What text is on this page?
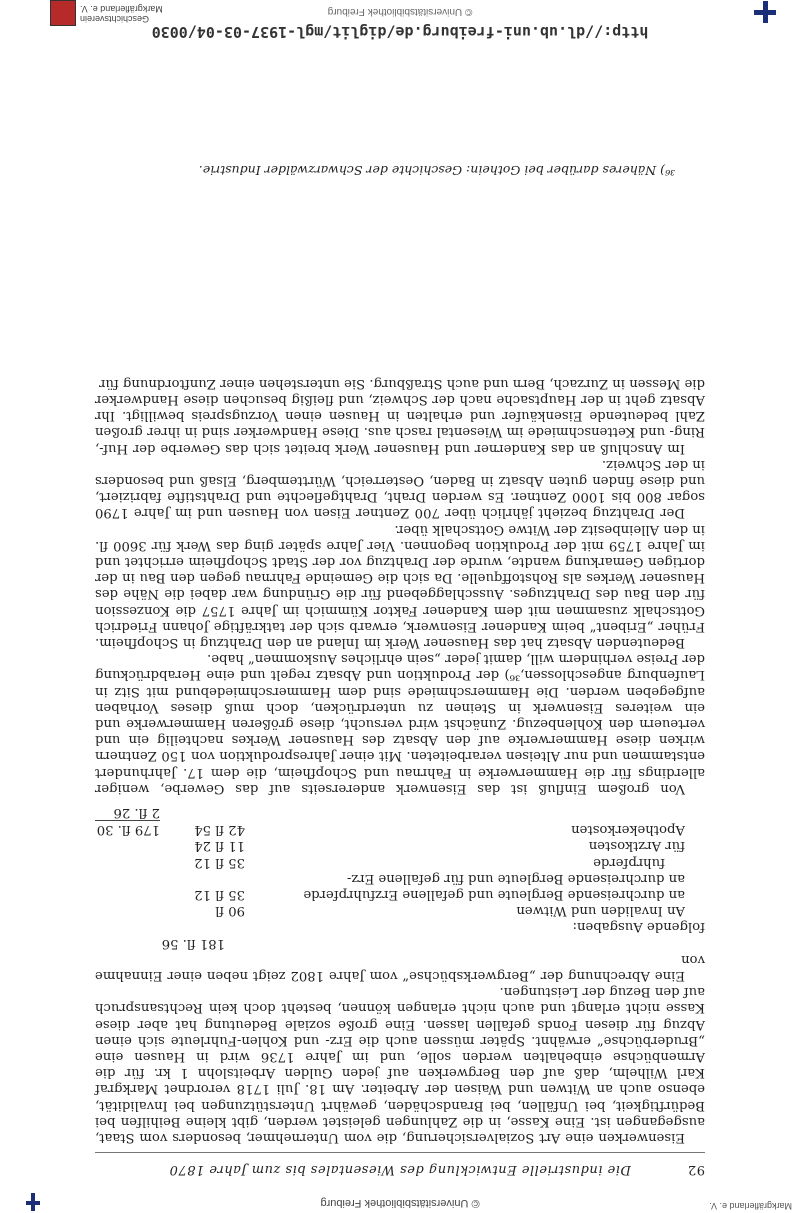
Markgräflerland e. V.
© Universitätsbibliothek Freiburg
92
Die industrielle Entwicklung des Wiesentales bis zum Jahre 1870

Eisenwerken eine Art Sozialversicherung, die vom Unternehmer, besonders vom Staat, ausgegangen ist. Eine Kasse, in die Zahlungen geleistet werden, gibt kleine Beihilfen bei Bedürftigkeit, bei Unfällen, bei Brandschäden, gewährt Unterstützungen bei Invalidität, ebenso auch an Witwen und Waisen der Arbeiter. Am 18. Juli 1718 verordnet Markgraf Karl Wilhelm, daß auf den Bergwerken auf jeden Gulden Arbeitslohn 1 kr. für die Armenbüchse einbehalten werden solle, und im Jahre 1736 wird in Hausen eine „Bruderbüchse“ erwähnt. Später müssen auch die Erz- und Kohlen-Fuhrleute sich einen Abzug für diesen Fonds gefallen lassen. Eine große soziale Bedeutung hat aber diese Kasse nicht erlangt und auch nicht erlangen können, besteht doch kein Rechtsanspruch auf den Bezug der Leistungen.

Eine Abrechnung der „Bergwerksbüchse“ vom Jahre 1802 zeigt neben einer Einnahme von

181 fl. 56
folgende Ausgaben:
An Invaliden und Witwen
90 fl
an durchreisende Bergleute und gefallene Erzfuhrpferde
35 fl 12
an durchreisende Bergleute und für gefallene Erz-
fuhrpferde
35 fl 12
für Arztkosten
11 fl 24
Apothekerkosten
42 fl 54
179 fl. 30
2 fl. 26

Von großem Einfluß ist das Eisenwerk andererseits auf das Gewerbe, weniger allerdings für die Hammerwerke in Fahrnau und Schopfheim, die dem 17. Jahrhundert entstammen und nur Alteisen verarbeiteten. Mit einer Jahresproduktion von 150 Zentnern wirken diese Hammerwerke auf den Absatz des Hausener Werkes nachteilig ein und verteuern den Kohlenbezug. Zunächst wird versucht, diese größeren Hammerwerke und ein weiteres Eisenwerk in Steinen zu unterdrücken, doch muß dieses Vorhaben aufgegeben werden. Die Hammerschmiede sind dem Hammerschmiedebund mit Sitz in Laufenburg angeschlossen,³⁶) der Produktion und Absatz regelt und eine Herabdrückung der Preise verhindern will, damit jeder „sein ehrliches Auskommen“ habe.

Bedeutenden Absatz hat das Hausener Werk im Inland an den Drahtzug in Schopfheim. Früher „Eribent“ beim Kandener Eisenwerk, erwarb sich der tatkräftige Johann Friedrich Gottschalk zusammen mit dem Kandener Faktor Kümmich im Jahre 1757 die Konzession für den Bau des Drahtzuges. Ausschlaggebend für die Gründung war dabei die Nähe des Hausener Werkes als Rohstoffquelle. Da sich die Gemeinde Fahrnau gegen den Bau in der dortigen Gemarkung wandte, wurde der Drahtzug vor der Stadt Schopfheim errichtet und im Jahre 1759 mit der Produktion begonnen. Vier Jahre später ging das Werk für 3600 fl. in den Alleinbesitz der Witwe Gottschalk über.

Der Drahtzug bezieht jährlich über 700 Zentner Eisen von Hausen und im Jahre 1790 sogar 800 bis 1000 Zentner. Es werden Draht, Drahtgeflechte und Drahtstifte fabriziert, und diese finden guten Absatz in Baden, Oesterreich, Württemberg, Elsaß und besonders in der Schweiz.

Im Anschluß an das Kanderner und Hausener Werk breitet sich das Gewerbe der Huf-, Ring- und Kettenschmiede im Wiesental rasch aus. Diese Handwerker sind in ihrer großen Zahl bedeutende Eisenkäufer und erhalten in Hausen einen Vorzugspreis bewilligt. Ihr Absatz geht in der Hauptsache nach der Schweiz, und fleißig besuchen diese Handwerker die Messen in Zurzach, Bern und auch Straßburg. Sie unterstehen einer Zunftordnung für

³⁶) Näheres darüber bei Gothein: Geschichte der Schwarzwälder Industrie.
http://dl.ub.uni-freiburg.de/diglit/mgl-1937-03-04/0030
© Universitätsbibliothek Freiburg
Geschichtsverein Markgräflerland e. V.
